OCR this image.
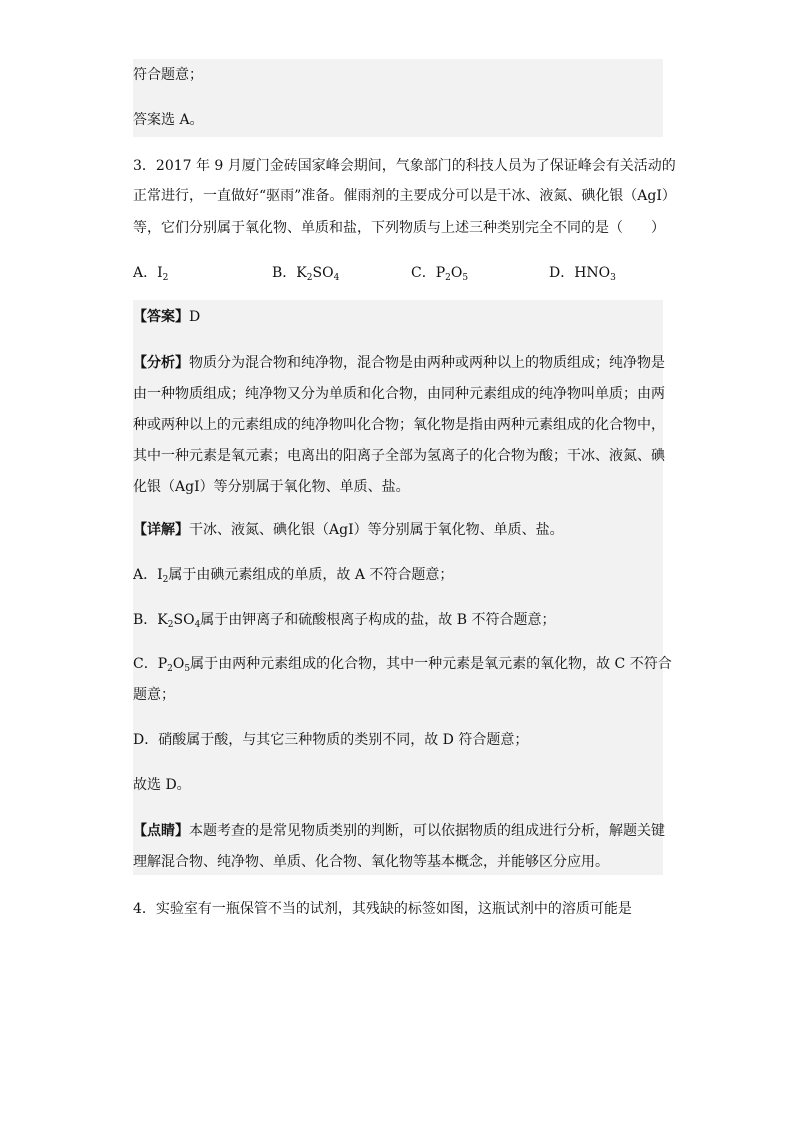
符合题意；
答案选 A。
3．2017 年 9 月厦门金砖国家峰会期间，气象部门的科技人员为了保证峰会有关活动的
正常进行，一直做好“驱雨”准备。催雨剂的主要成分可以是干冰、液氮、碘化银（AgI）
等，它们分别属于氧化物、单质和盐，下列物质与上述三种类别完全不同的是（　　）
A．$I_2$	B．$K_2SO_4$	C．$P_2O_5$	D．$HNO_3$
【答案】D
【分析】物质分为混合物和纯净物，混合物是由两种或两种以上的物质组成；纯净物是
由一种物质组成；纯净物又分为单质和化合物，由同种元素组成的纯净物叫单质；由两
种或两种以上的元素组成的纯净物叫化合物；氧化物是指由两种元素组成的化合物中，
其中一种元素是氧元素；电离出的阳离子全部为氢离子的化合物为酸；干冰、液氮、碘
化银（AgI）等分别属于氧化物、单质、盐。
【详解】干冰、液氮、碘化银（AgI）等分别属于氧化物、单质、盐。
A．$I_2$属于由碘元素组成的单质，故 A 不符合题意；
B．$K_2SO_4$属于由钾离子和硫酸根离子构成的盐，故 B 不符合题意；
C．$P_2O_5$属于由两种元素组成的化合物，其中一种元素是氧元素的氧化物，故 C 不符合
题意；
D．硝酸属于酸，与其它三种物质的类别不同，故 D 符合题意；
故选 D。
【点睛】本题考查的是常见物质类别的判断，可以依据物质的组成进行分析，解题关键
理解混合物、纯净物、单质、化合物、氧化物等基本概念，并能够区分应用。
4．实验室有一瓶保管不当的试剂，其残缺的标签如图，这瓶试剂中的溶质可能是
